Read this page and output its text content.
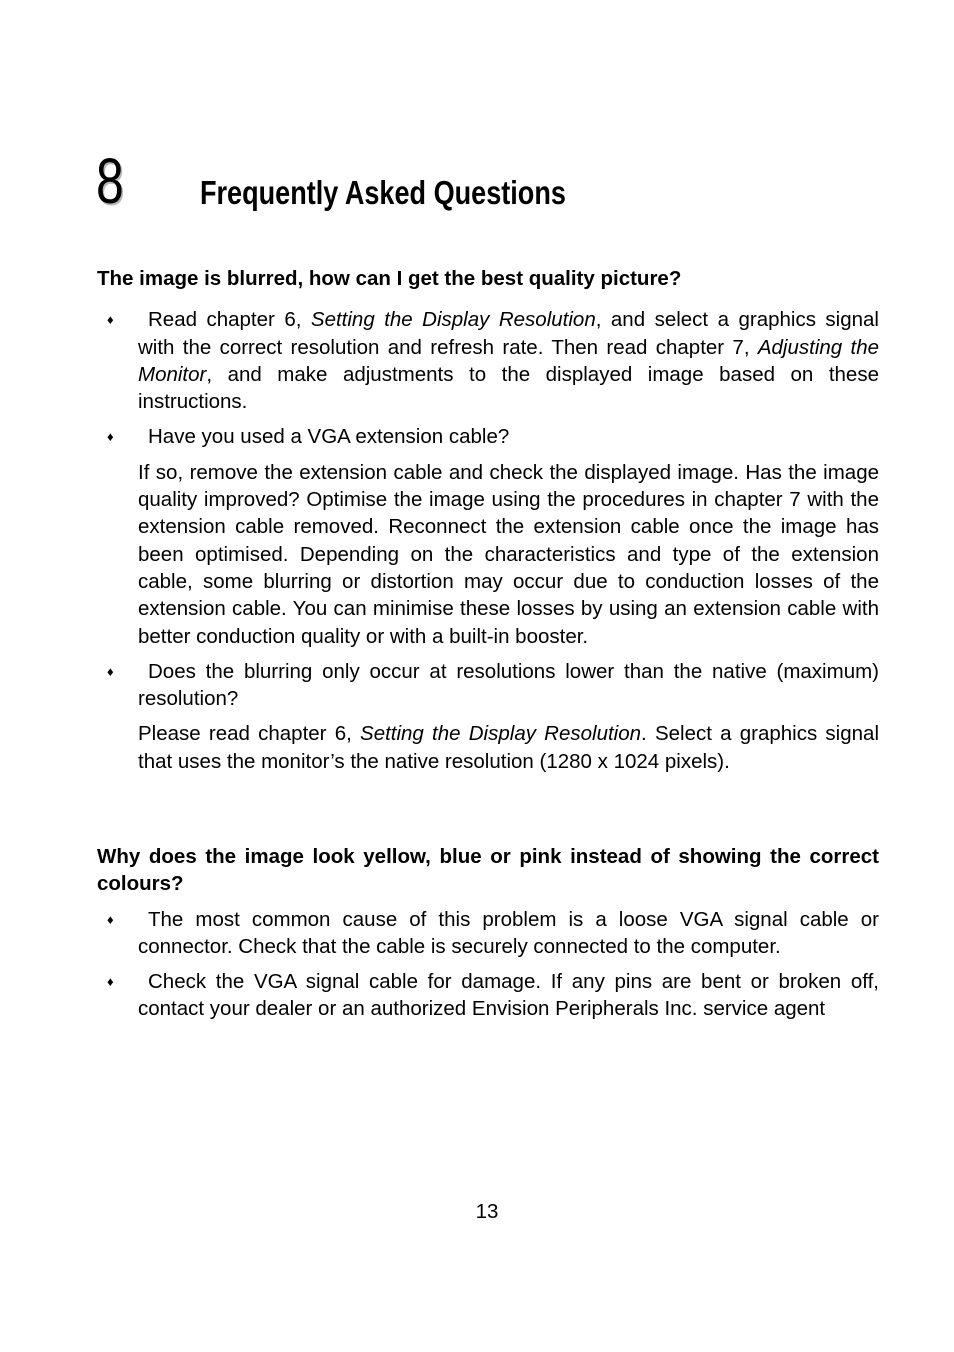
8 Frequently Asked Questions

The image is blurred, how can I get the best quality picture?

♦ Read chapter 6, Setting the Display Resolution, and select a graphics signal with the correct resolution and refresh rate. Then read chapter 7, Adjusting the Monitor, and make adjustments to the displayed image based on these instructions.

♦ Have you used a VGA extension cable?

If so, remove the extension cable and check the displayed image. Has the image quality improved? Optimise the image using the procedures in chapter 7 with the extension cable removed. Reconnect the extension cable once the image has been optimised. Depending on the characteristics and type of the extension cable, some blurring or distortion may occur due to conduction losses of the extension cable. You can minimise these losses by using an extension cable with better conduction quality or with a built-in booster.

♦ Does the blurring only occur at resolutions lower than the native (maximum) resolution?

Please read chapter 6, Setting the Display Resolution. Select a graphics signal that uses the monitor’s the native resolution (1280 x 1024 pixels).

Why does the image look yellow, blue or pink instead of showing the correct colours?

♦ The most common cause of this problem is a loose VGA signal cable or connector. Check that the cable is securely connected to the computer.

♦ Check the VGA signal cable for damage. If any pins are bent or broken off, contact your dealer or an authorized Envision Peripherals Inc. service agent

13
